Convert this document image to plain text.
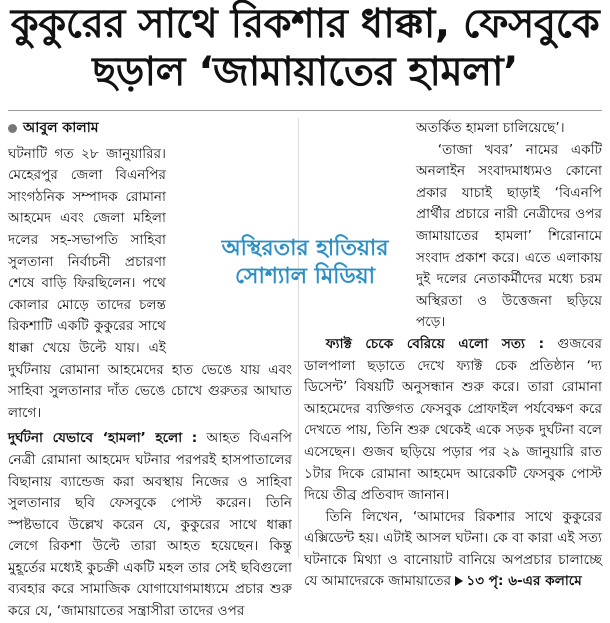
কুকুরের সাথে রিকশার ধাক্কা, ফেসবুকে
ছড়াল ‘জামায়াতের হামলা’
আবুল কালাম

ঘটনাটি গত ২৮ জানুয়ারির। মেহেরপুর জেলা বিএনপির সাংগঠনিক সম্পাদক রোমানা আহমেদ এবং জেলা মহিলা দলের সহ-সভাপতি সাহিবা সুলতানা নির্বাচনী প্রচারণা শেষে বাড়ি ফিরছিলেন। পথে কোলার মোড়ে তাদের চলন্ত রিকশাটি একটি কুকুরের সাথে ধাক্কা খেয়ে উল্টে যায়। এই দুর্ঘটনায় রোমানা আহমেদের হাত ভেঙে যায় এবং সাহিবা সুলতানার দাঁত ভেঙে চোখে গুরুতর আঘাত লাগে।

দুর্ঘটনা যেভাবে ‘হামলা’ হলো : আহত বিএনপি নেত্রী রোমানা আহমেদ ঘটনার পরপরই হাসপাতালের বিছানায় ব্যান্ডেজ করা অবস্থায় নিজের ও সাহিবা সুলতানার ছবি ফেসবুকে পোস্ট করেন। তিনি স্পষ্টভাবে উল্লেখ করেন যে, কুকুরের সাথে ধাক্কা লেগে রিকশা উল্টে তারা আহত হয়েছেন। কিন্তু মুহূর্তের মধ্যেই কুচক্রী একটি মহল তার সেই ছবিগুলো ব্যবহার করে সামাজিক যোগাযোগমাধ্যমে প্রচার শুরু করে যে, ‘জামায়াতের সন্ত্রাসীরা তাদের ওপর

অতর্কিত হামলা চালিয়েছে’।

‘তাজা খবর’ নামের একটি অনলাইন সংবাদমাধ্যমও কোনো প্রকার যাচাই ছাড়াই ‘বিএনপি প্রার্থীর প্রচারে নারী নেত্রীদের ওপর জামায়াতের হামলা’ শিরোনামে সংবাদ প্রকাশ করে। এতে এলাকায় দুই দলের নেতাকর্মীদের মধ্যে চরম অস্থিরতা ও উত্তেজনা ছড়িয়ে পড়ে।

ফ্যাক্ট চেকে বেরিয়ে এলো সত্য : গুজবের ডালপালা ছড়াতে দেখে ফ্যাক্ট চেক প্রতিষ্ঠান ‘দ্য ডিসেন্ট’ বিষয়টি অনুসন্ধান শুরু করে। তারা রোমানা আহমেদের ব্যক্তিগত ফেসবুক প্রোফাইল পর্যবেক্ষণ করে দেখতে পায়, তিনি শুরু থেকেই একে সড়ক দুর্ঘটনা বলে এসেছেন। গুজব ছড়িয়ে পড়ার পর ২৯ জানুয়ারি রাত ১টার দিকে রোমানা আহমেদ আরেকটি ফেসবুক পোস্ট দিয়ে তীব্র প্রতিবাদ জানান।

তিনি লিখেন, ‘আমাদের রিকশার সাথে কুকুরের এক্সিডেন্ট হয়। এটাই আসল ঘটনা। কে বা কারা এই সত্য ঘটনাকে মিথ্যা ও বানোয়াট বানিয়ে অপপ্রচার চালাচ্ছে যে আমাদেরকে জামায়াতের ১৩ পৃ: ৬-এর কলামে

অস্থিরতার হাতিয়ার
সোশ্যাল মিডিয়া
